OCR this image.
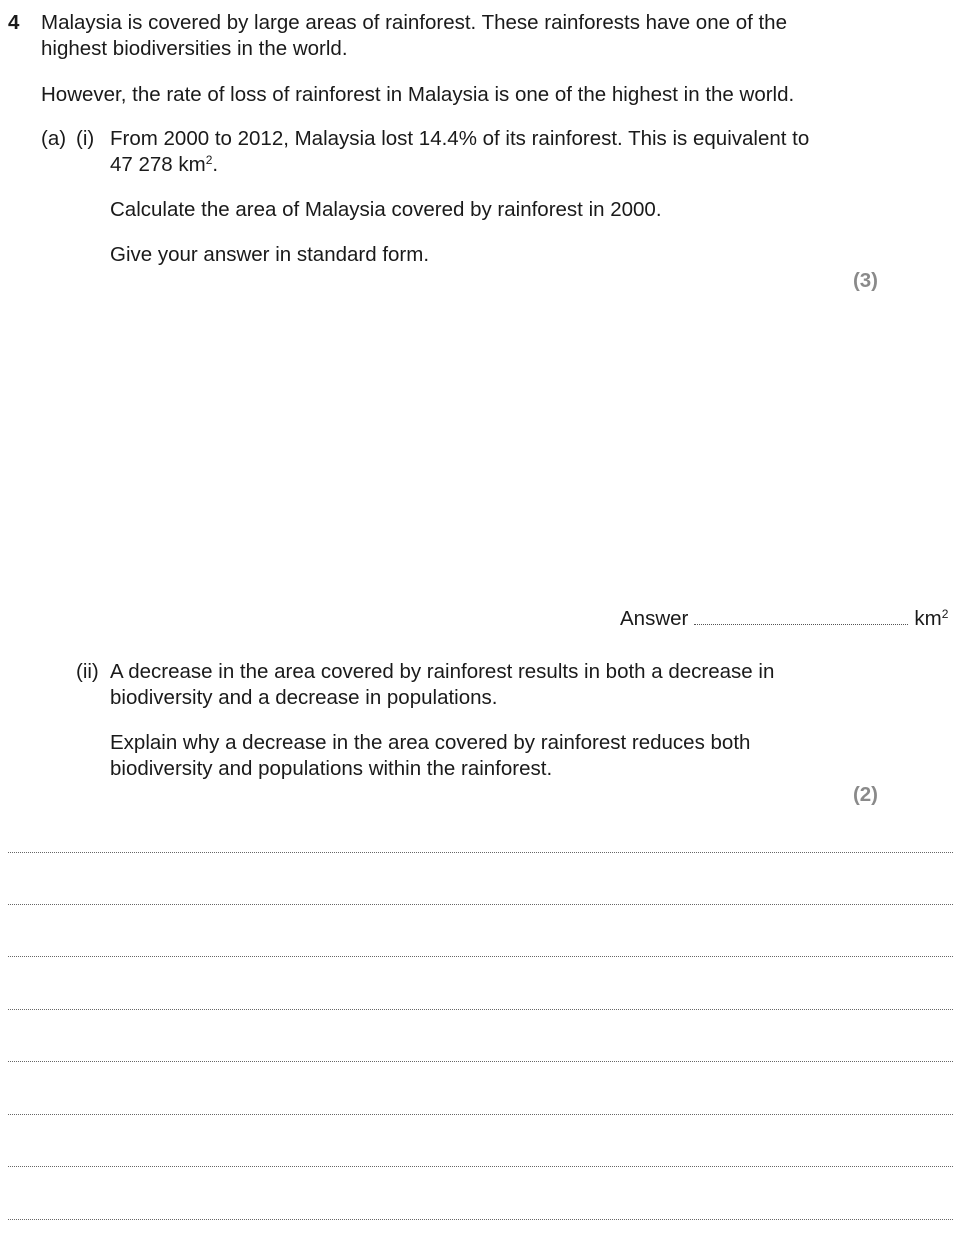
4	Malaysia is covered by large areas of rainforest. These rainforests have one of the highest biodiversities in the world.

However, the rate of loss of rainforest in Malaysia is one of the highest in the world.

(a) (i) From 2000 to 2012, Malaysia lost 14.4% of its rainforest. This is equivalent to
47 278 $km^2$.

Calculate the area of Malaysia covered by rainforest in 2000.

Give your answer in standard form.

(3)
Answer	$km^2$
(ii) A decrease in the area covered by rainforest results in both a decrease in biodiversity and a decrease in populations.

Explain why a decrease in the area covered by rainforest reduces both biodiversity and populations within the rainforest.

(2)
